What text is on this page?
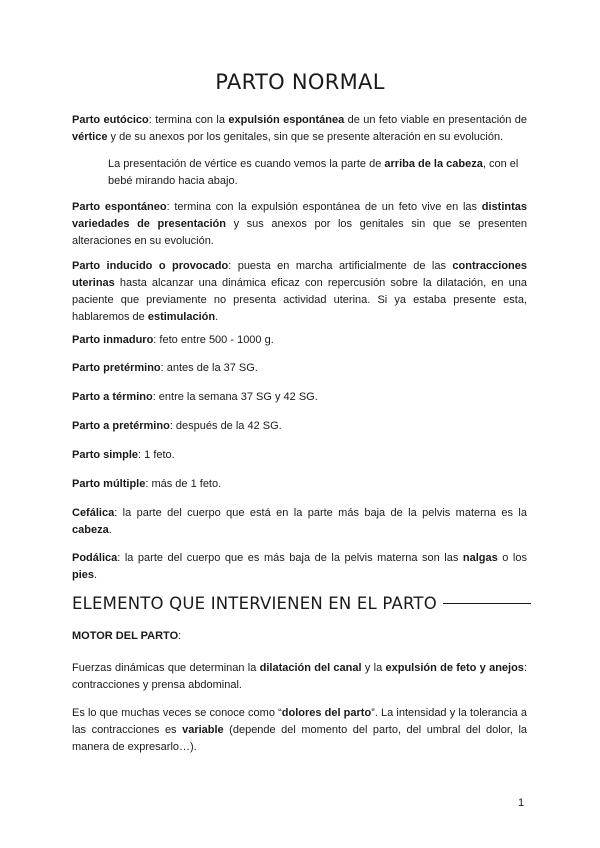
PARTO NORMAL

Parto eutócico: termina con la expulsión espontánea de un feto viable en presentación de vértice y de su anexos por los genitales, sin que se presente alteración en su evolución.

La presentación de vértice es cuando vemos la parte de arriba de la cabeza, con el bebé mirando hacia abajo.

Parto espontáneo: termina con la expulsión espontánea de un feto vive en las distintas variedades de presentación y sus anexos por los genitales sin que se presenten alteraciones en su evolución.

Parto inducido o provocado: puesta en marcha artificialmente de las contracciones uterinas hasta alcanzar una dinámica eficaz con repercusión sobre la dilatación, en una paciente que previamente no presenta actividad uterina. Si ya estaba presente esta, hablaremos de estimulación.

Parto inmaduro: feto entre 500 - 1000 g.

Parto pretérmino: antes de la 37 SG.

Parto a término: entre la semana 37 SG y 42 SG.

Parto a pretérmino: después de la 42 SG.

Parto simple: 1 feto.

Parto múltiple: más de 1 feto.

Cefálica: la parte del cuerpo que está en la parte más baja de la pelvis materna es la cabeza.

Podálica: la parte del cuerpo que es más baja de la pelvis materna son las nalgas o los pies.

ELEMENTO QUE INTERVIENEN EN EL PARTO

MOTOR DEL PARTO:

Fuerzas dinámicas que determinan la dilatación del canal y la expulsión de feto y anejos: contracciones y prensa abdominal.

Es lo que muchas veces se conoce como “dolores del parto”. La intensidad y la tolerancia a las contracciones es variable (depende del momento del parto, del umbral del dolor, la manera de expresarlo…).

1
